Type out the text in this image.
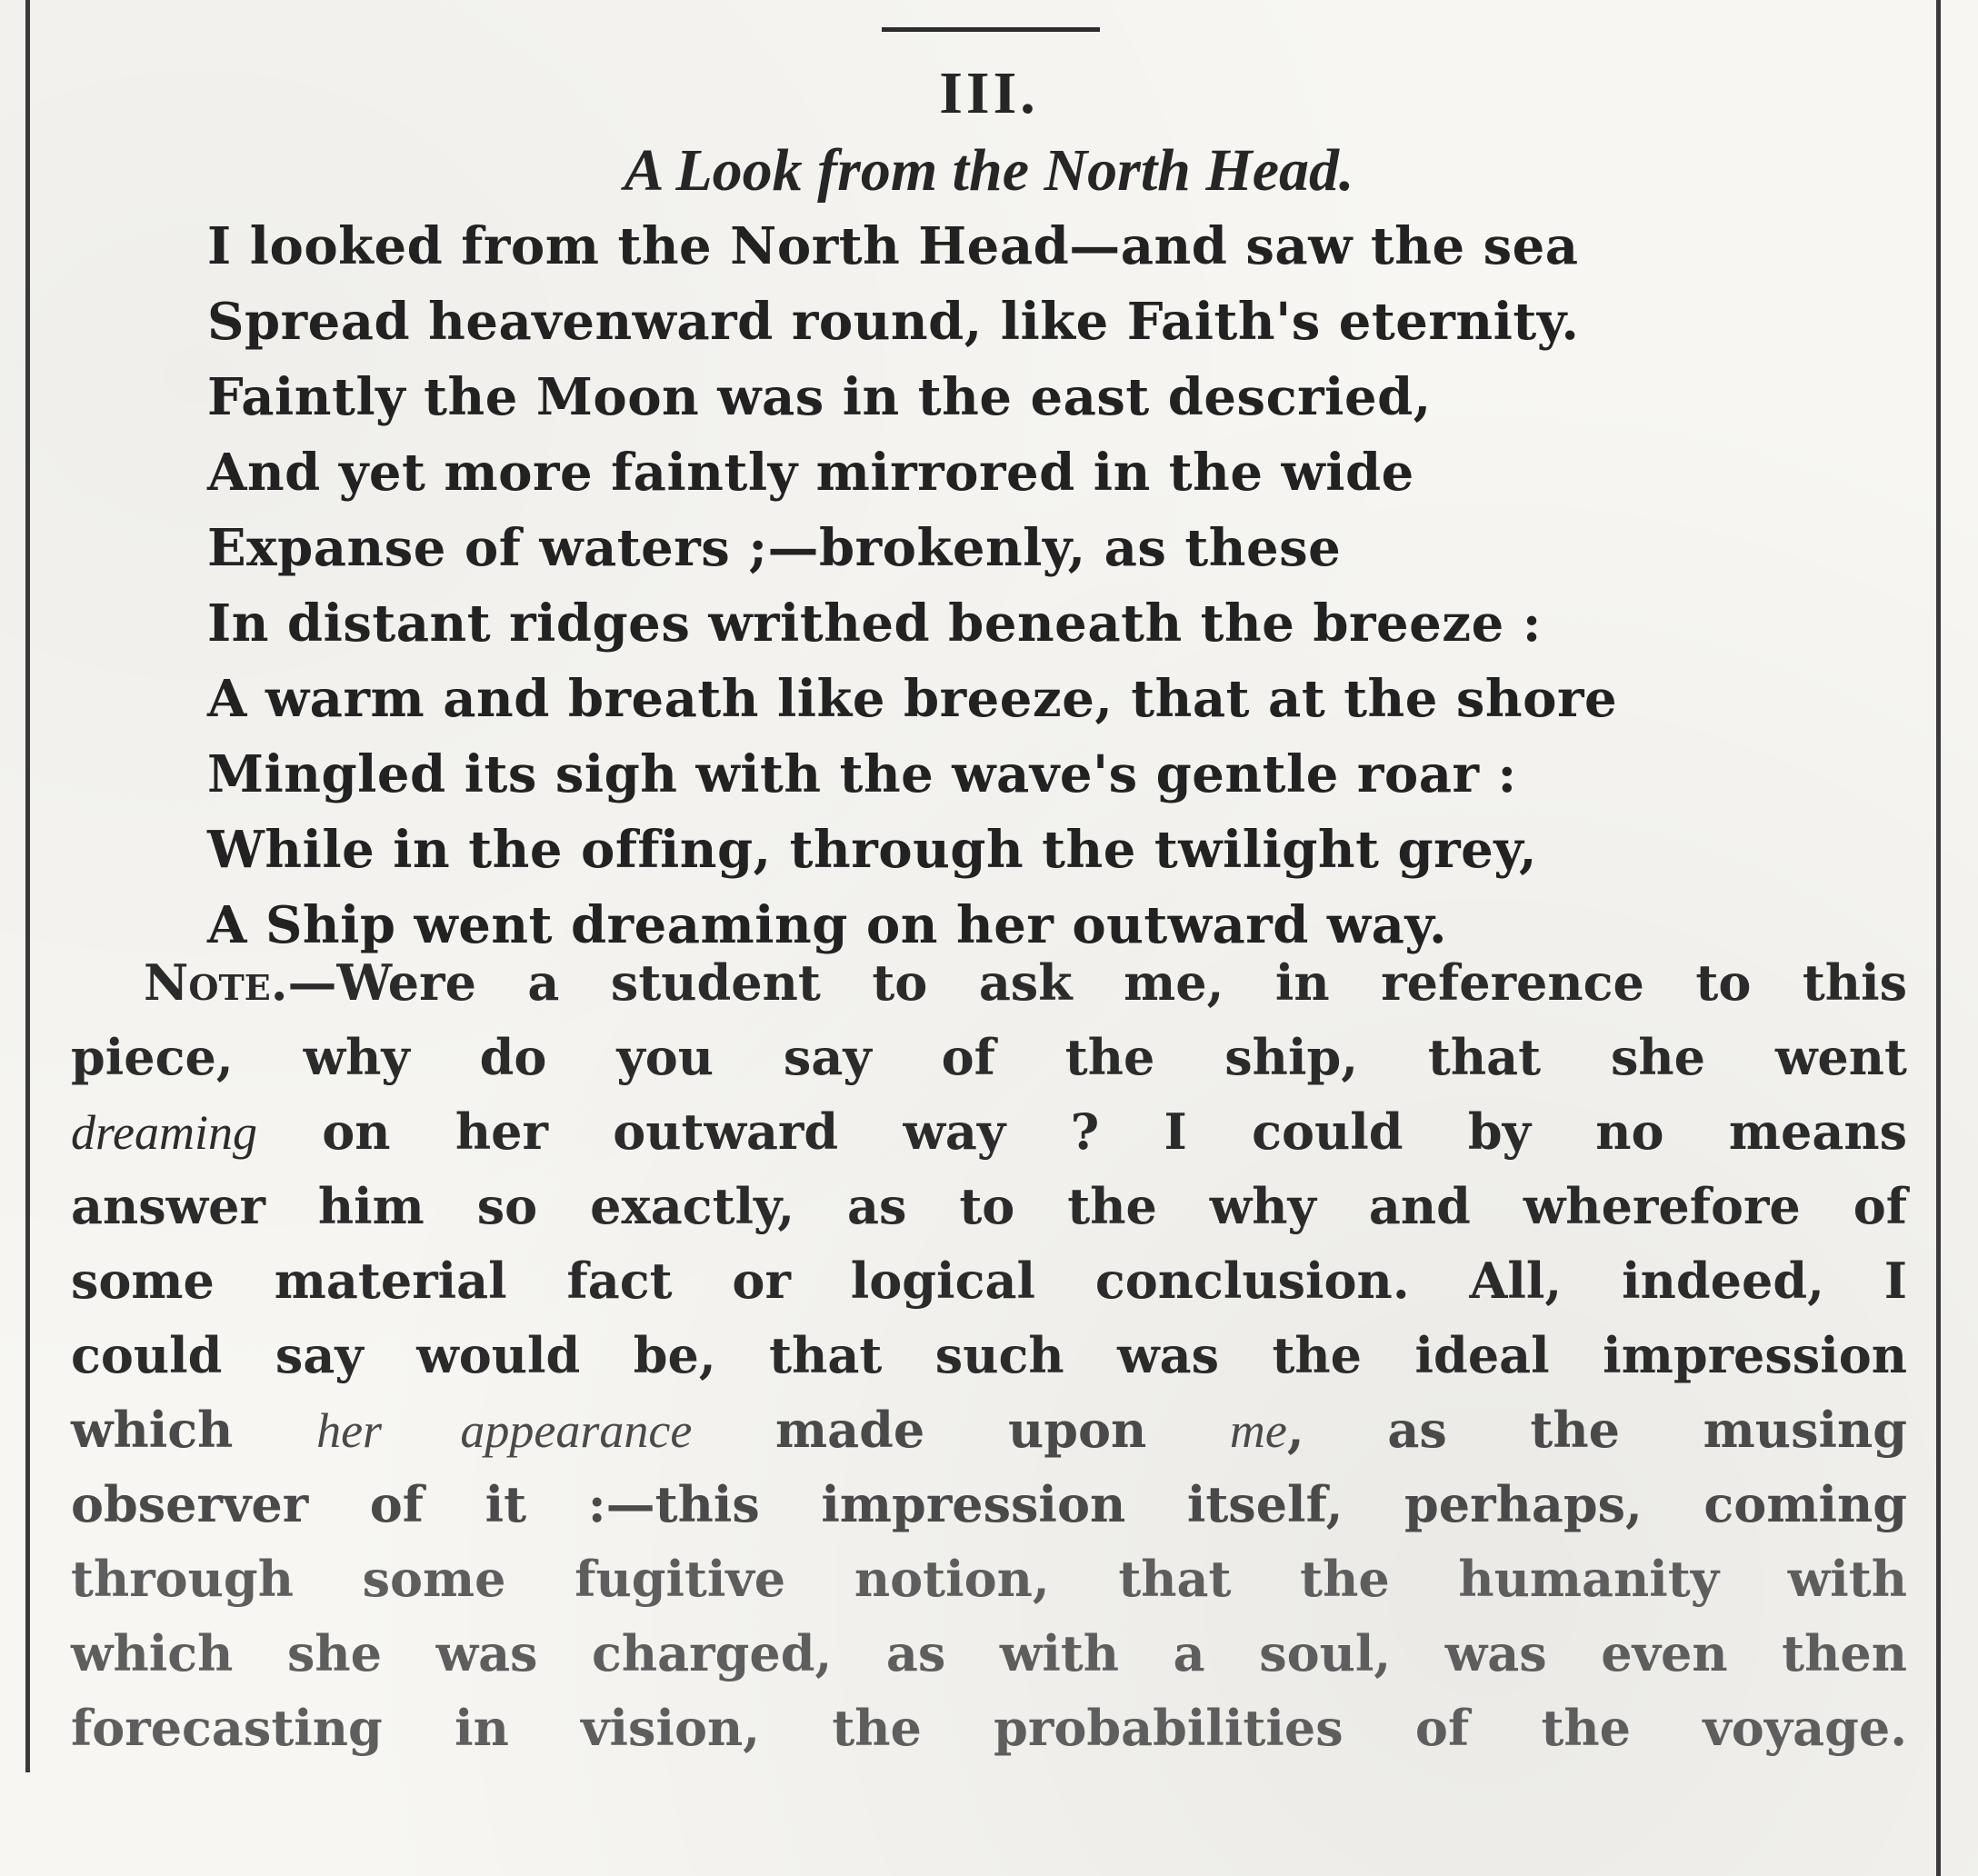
III.
A Look from the North Head.
I looked from the North Head—and saw the sea
Spread heavenward round, like Faith's eternity.
Faintly the Moon was in the east descried,
And yet more faintly mirrored in the wide
Expanse of waters ;—brokenly, as these
In distant ridges writhed beneath the breeze :
A warm and breath like breeze, that at the shore
Mingled its sigh with the wave's gentle roar :
While in the offing, through the twilight grey,
A Ship went dreaming on her outward way.
Note.—Were a student to ask me, in reference to this
piece, why do you say of the ship, that she went
dreaming on her outward way ? I could by no means
answer him so exactly, as to the why and wherefore of
some material fact or logical conclusion. All, indeed, I
could say would be, that such was the ideal impression
which her appearance made upon me, as the musing
observer of it :—this impression itself, perhaps, coming
through some fugitive notion, that the humanity with
which she was charged, as with a soul, was even then
forecasting in vision, the probabilities of the voyage.
